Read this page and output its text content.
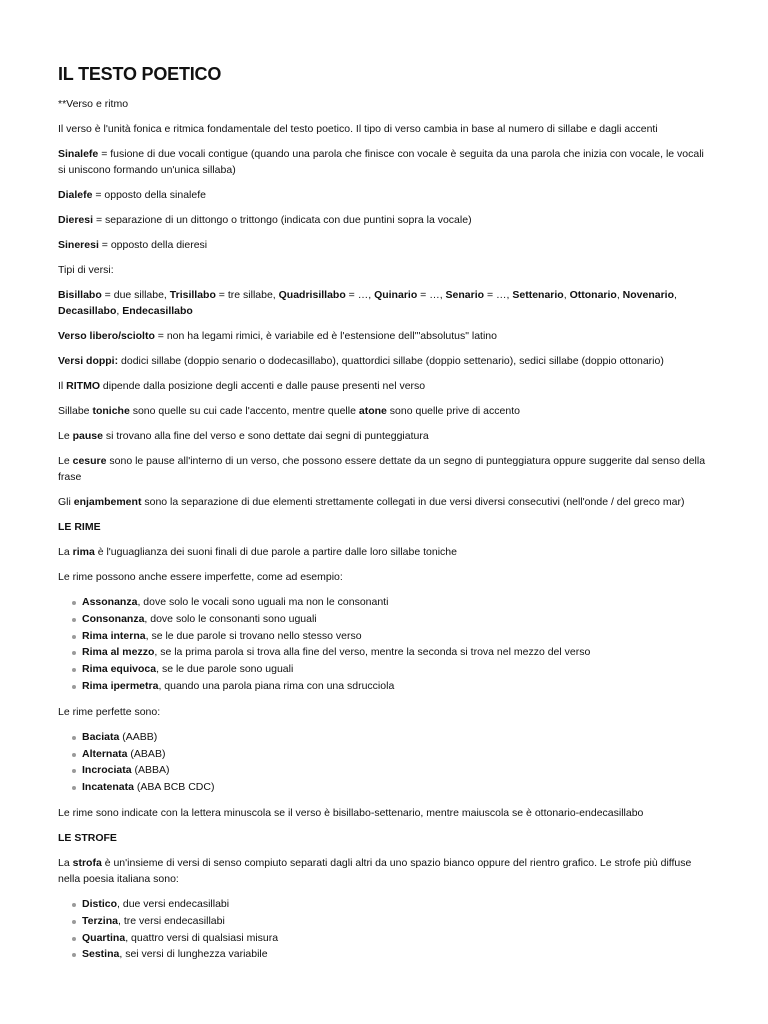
IL TESTO POETICO

**Verso e ritmo

Il verso è l'unità fonica e ritmica fondamentale del testo poetico. Il tipo di verso cambia in base al numero di sillabe e dagli accenti

Sinalefe = fusione di due vocali contigue (quando una parola che finisce con vocale è seguita da una parola che inizia con vocale, le vocali si uniscono formando un'unica sillaba)

Dialefe = opposto della sinalefe

Dieresi = separazione di un dittongo o trittongo (indicata con due puntini sopra la vocale)

Sineresi = opposto della dieresi

Tipi di versi:

Bisillabo = due sillabe, Trisillabo = tre sillabe, Quadrisillabo = …, Quinario = …, Senario = …, Settenario, Ottonario, Novenario, Decasillabo, Endecasillabo

Verso libero/sciolto = non ha legami rimici, è variabile ed è l'estensione dell'"absolutus" latino

Versi doppi: dodici sillabe (doppio senario o dodecasillabo), quattordici sillabe (doppio settenario), sedici sillabe (doppio ottonario)

Il RITMO dipende dalla posizione degli accenti e dalle pause presenti nel verso

Sillabe toniche sono quelle su cui cade l'accento, mentre quelle atone sono quelle prive di accento

Le pause si trovano alla fine del verso e sono dettate dai segni di punteggiatura

Le cesure sono le pause all'interno di un verso, che possono essere dettate da un segno di punteggiatura oppure suggerite dal senso della frase

Gli enjambement sono la separazione di due elementi strettamente collegati in due versi diversi consecutivi (nell'onde / del greco mar)

LE RIME

La rima è l'uguaglianza dei suoni finali di due parole a partire dalle loro sillabe toniche

Le rime possono anche essere imperfette, come ad esempio:

Assonanza, dove solo le vocali sono uguali ma non le consonanti
Consonanza, dove solo le consonanti sono uguali
Rima interna, se le due parole si trovano nello stesso verso
Rima al mezzo, se la prima parola si trova alla fine del verso, mentre la seconda si trova nel mezzo del verso
Rima equivoca, se le due parole sono uguali
Rima ipermetra, quando una parola piana rima con una sdrucciola

Le rime perfette sono:

Baciata (AABB)
Alternata (ABAB)
Incrociata (ABBA)
Incatenata (ABA BCB CDC)

Le rime sono indicate con la lettera minuscola se il verso è bisillabo-settenario, mentre maiuscola se è ottonario-endecasillabo

LE STROFE

La strofa è un'insieme di versi di senso compiuto separati dagli altri da uno spazio bianco oppure del rientro grafico. Le strofe più diffuse nella poesia italiana sono:

Distico, due versi endecasillabi
Terzina, tre versi endecasillabi
Quartina, quattro versi di qualsiasi misura
Sestina, sei versi di lunghezza variabile
